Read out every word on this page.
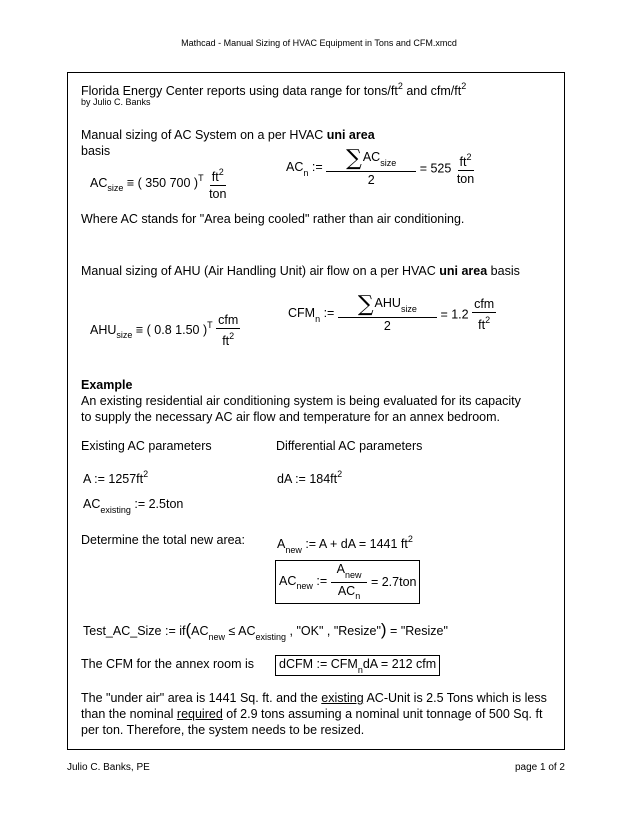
Mathcad - Manual Sizing of HVAC Equipment in Tons and CFM.xmcd
Florida Energy Center reports using data range for tons/$ft^2$ and cfm/$ft^2$
by Julio C. Banks
Manual sizing of AC System on a per HVAC uni area
basis
$AC_{size}$ ≡ ( 350 700 )$^T \frac{ft^2}{\text{ton}}$	$AC_n$ := $\frac{\sum AC_{size}}{2} = 525 \frac{ft^2}{\text{ton}}$
Where AC stands for "Area being cooled" rather than air conditioning.
Manual sizing of AHU (Air Handling Unit) air flow on a per HVAC uni area basis
$AHU_{size}$ ≡ ( 0.8 1.50 )$^T \frac{\text{cfm}}{ft^2}$	$CFM_n$ := $\frac{\sum AHU_{size}}{2} = 1.2 \frac{\text{cfm}}{ft^2}$
Example
An existing residential air conditioning system is being evaluated for its capacity
to supply the necessary AC air flow and temperature for an annex bedroom.
Existing AC parameters	Differential AC parameters
A := $1257ft^2$	dA := $184ft^2$
$AC_{existing}$ := 2.5ton
Determine the total new area:	$A_{new}$ := A + dA = 1441 $ft^2$
$AC_{new}$ := $\frac{A_{new}}{AC_n} = 2.7ton$
Test_AC_Size := $if(AC_{new} \le AC_{existing}$ , "OK" , "Resize") = "Resize"
The CFM for the annex room is	dCFM := $CFM_ndA = 212$ cfm
The "under air" area is 1441 Sq. ft. and the existing AC-Unit is 2.5 Tons which is less
than the nominal required of 2.9 tons assuming a nominal unit tonnage of 500 Sq. ft
per ton. Therefore, the system needs to be resized.
Julio C. Banks, PE	page 1 of 2
